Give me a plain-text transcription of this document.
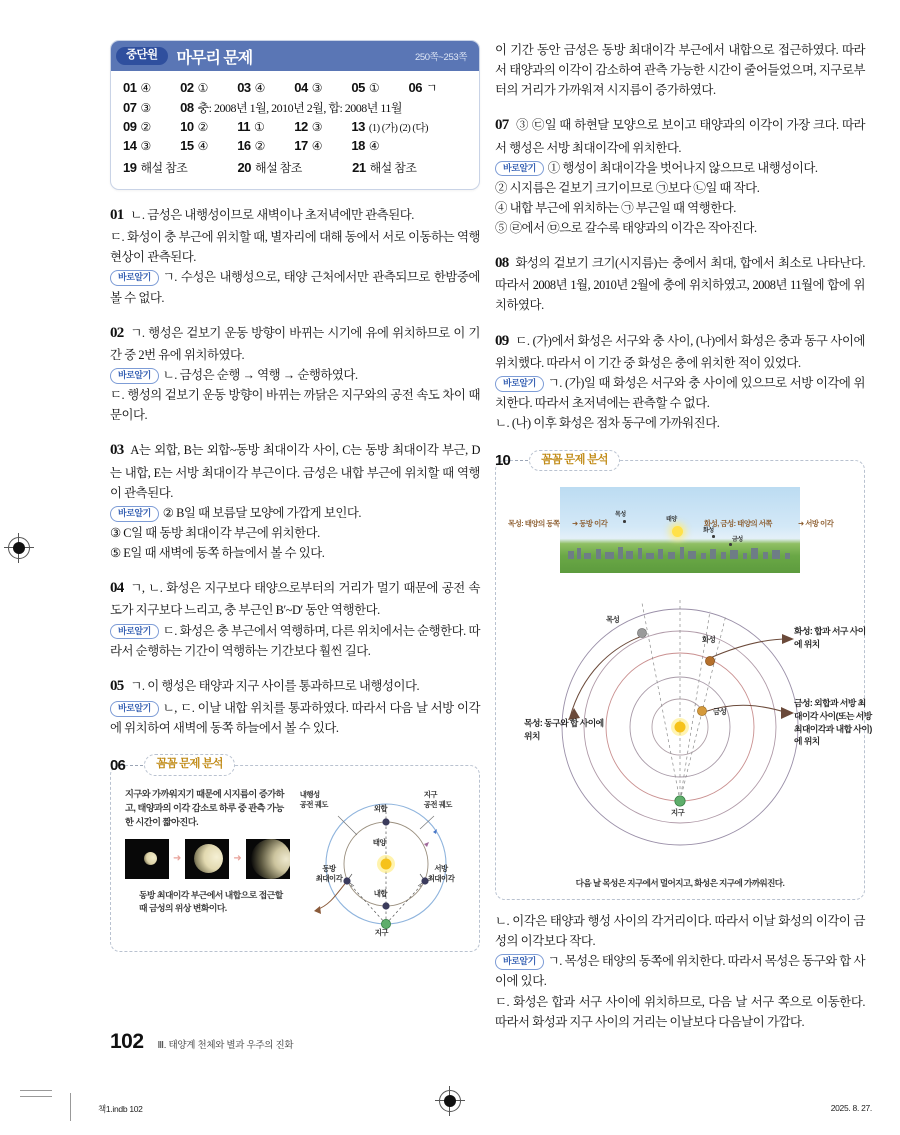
중단원	마무리 문제	250쪽~253쪽
01 ④ 02 ① 03 ④ 04 ③ 05 ① 06 ㄱ
07 ③ 08 충: 2008년 1월, 2010년 2월, 합: 2008년 11월
09 ② 10 ② 11 ① 12 ③ 13 (1) (가) (2) (다)
14 ③ 15 ④ 16 ② 17 ④ 18 ④
19 해설 참조	20 해설 참조	21 해설 참조

01 ㄴ. 금성은 내행성이므로 새벽이나 초저녁에만 관측된다.

ㄷ. 화성이 충 부근에 위치할 때, 별자리에 대해 동에서 서로 이동하는 역행 현상이 관측된다.

바로알기 ㄱ. 수성은 내행성으로, 태양 근처에서만 관측되므로 한밤중에 볼 수 없다.

02 ㄱ. 행성은 겉보기 운동 방향이 바뀌는 시기에 유에 위치하므로 이 기간 중 2번 유에 위치하였다.

바로알기 ㄴ. 금성은 순행 → 역행 → 순행하였다.

ㄷ. 행성의 겉보기 운동 방향이 바뀌는 까닭은 지구와의 공전 속도 차이 때문이다.

03 A는 외합, B는 외합~동방 최대이각 사이, C는 동방 최대이각 부근, D는 내합, E는 서방 최대이각 부근이다. 금성은 내합 부근에 위치할 때 역행이 관측된다.

바로알기 ② B일 때 보름달 모양에 가깝게 보인다.

③ C일 때 동방 최대이각 부근에 위치한다.

⑤ E일 때 새벽에 동쪽 하늘에서 볼 수 있다.

04 ㄱ, ㄴ. 화성은 지구보다 태양으로부터의 거리가 멀기 때문에 공전 속도가 지구보다 느리고, 충 부근인 B′~D′ 동안 역행한다.

바로알기 ㄷ. 화성은 충 부근에서 역행하며, 다른 위치에서는 순행한다. 따라서 순행하는 기간이 역행하는 기간보다 훨씬 길다.

05 ㄱ. 이 행성은 태양과 지구 사이를 통과하므로 내행성이다.

바로알기 ㄴ, ㄷ. 이날 내합 위치를 통과하였다. 따라서 다음 날 서방 이각에 위치하여 새벽에 동쪽 하늘에서 볼 수 있다.

06	꼼꼼 문제 분석
지구와 가까워지기 때문에 시지름이 증가하고, 태양과의 이각 감소로 하루 중 관측 가능한 시간이 짧아진다.
➜	➜
동방 최대이각 부근에서 내합으로 접근할 때 금성의 위상 변화이다.
내행성
공전 궤도
지구
공전 궤도
외합
태양
동방
최대이각
서방
최대이각
내합
지구

이 기간 동안 금성은 동방 최대이각 부근에서 내합으로 접근하였다. 따라서 태양과의 이각이 감소하여 관측 가능한 시간이 줄어들었으며, 지구로부터의 거리가 가까워져 시지름이 증가하였다.

07 ③ ㉢일 때 하현달 모양으로 보이고 태양과의 이각이 가장 크다. 따라서 행성은 서방 최대이각에 위치한다.

바로알기 ① 행성이 최대이각을 벗어나지 않으므로 내행성이다.

② 시지름은 겉보기 크기이므로 ㉠보다 ㉡일 때 작다.

④ 내합 부근에 위치하는 ㉠ 부근일 때 역행한다.

⑤ ㉣에서 ㉤으로 갈수록 태양과의 이각은 작아진다.

08 화성의 겉보기 크기(시지름)는 충에서 최대, 합에서 최소로 나타난다. 따라서 2008년 1월, 2010년 2월에 충에 위치하였고, 2008년 11월에 합에 위치하였다.

09 ㄷ. (가)에서 화성은 서구와 충 사이, (나)에서 화성은 충과 동구 사이에 위치했다. 따라서 이 기간 중 화성은 충에 위치한 적이 있었다.

바로알기 ㄱ. (가)일 때 화성은 서구와 충 사이에 있으므로 서방 이각에 위치한다. 따라서 초저녁에는 관측할 수 없다.

ㄴ. (나) 이후 화성은 점차 동구에 가까워진다.

10	꼼꼼 문제 분석
목성
태양
화성
금성
목성: 태양의 동쪽 ➜ 동방 이각	화성, 금성: 태양의 서쪽	➜ 서방 이각
목성
화성
금성
지구
목성: 동구와 합 사이에 위치
화성: 합과 서구 사이에 위치
금성: 외합과 서방 최대이각 사이(또는 서방 최대이각과 내합 사이)에 위치
다음 날 목성은 지구에서 멀어지고, 화성은 지구에 가까워진다.

ㄴ. 이각은 태양과 행성 사이의 각거리이다. 따라서 이날 화성의 이각이 금성의 이각보다 작다.

바로알기 ㄱ. 목성은 태양의 동쪽에 위치한다. 따라서 목성은 동구와 합 사이에 있다.

ㄷ. 화성은 합과 서구 사이에 위치하므로, 다음 날 서구 쪽으로 이동한다. 따라서 화성과 지구 사이의 거리는 이날보다 다음날이 가깝다.

102 Ⅲ. 태양계 천체와 별과 우주의 진화
책1.indb 102	2025. 8. 27.
